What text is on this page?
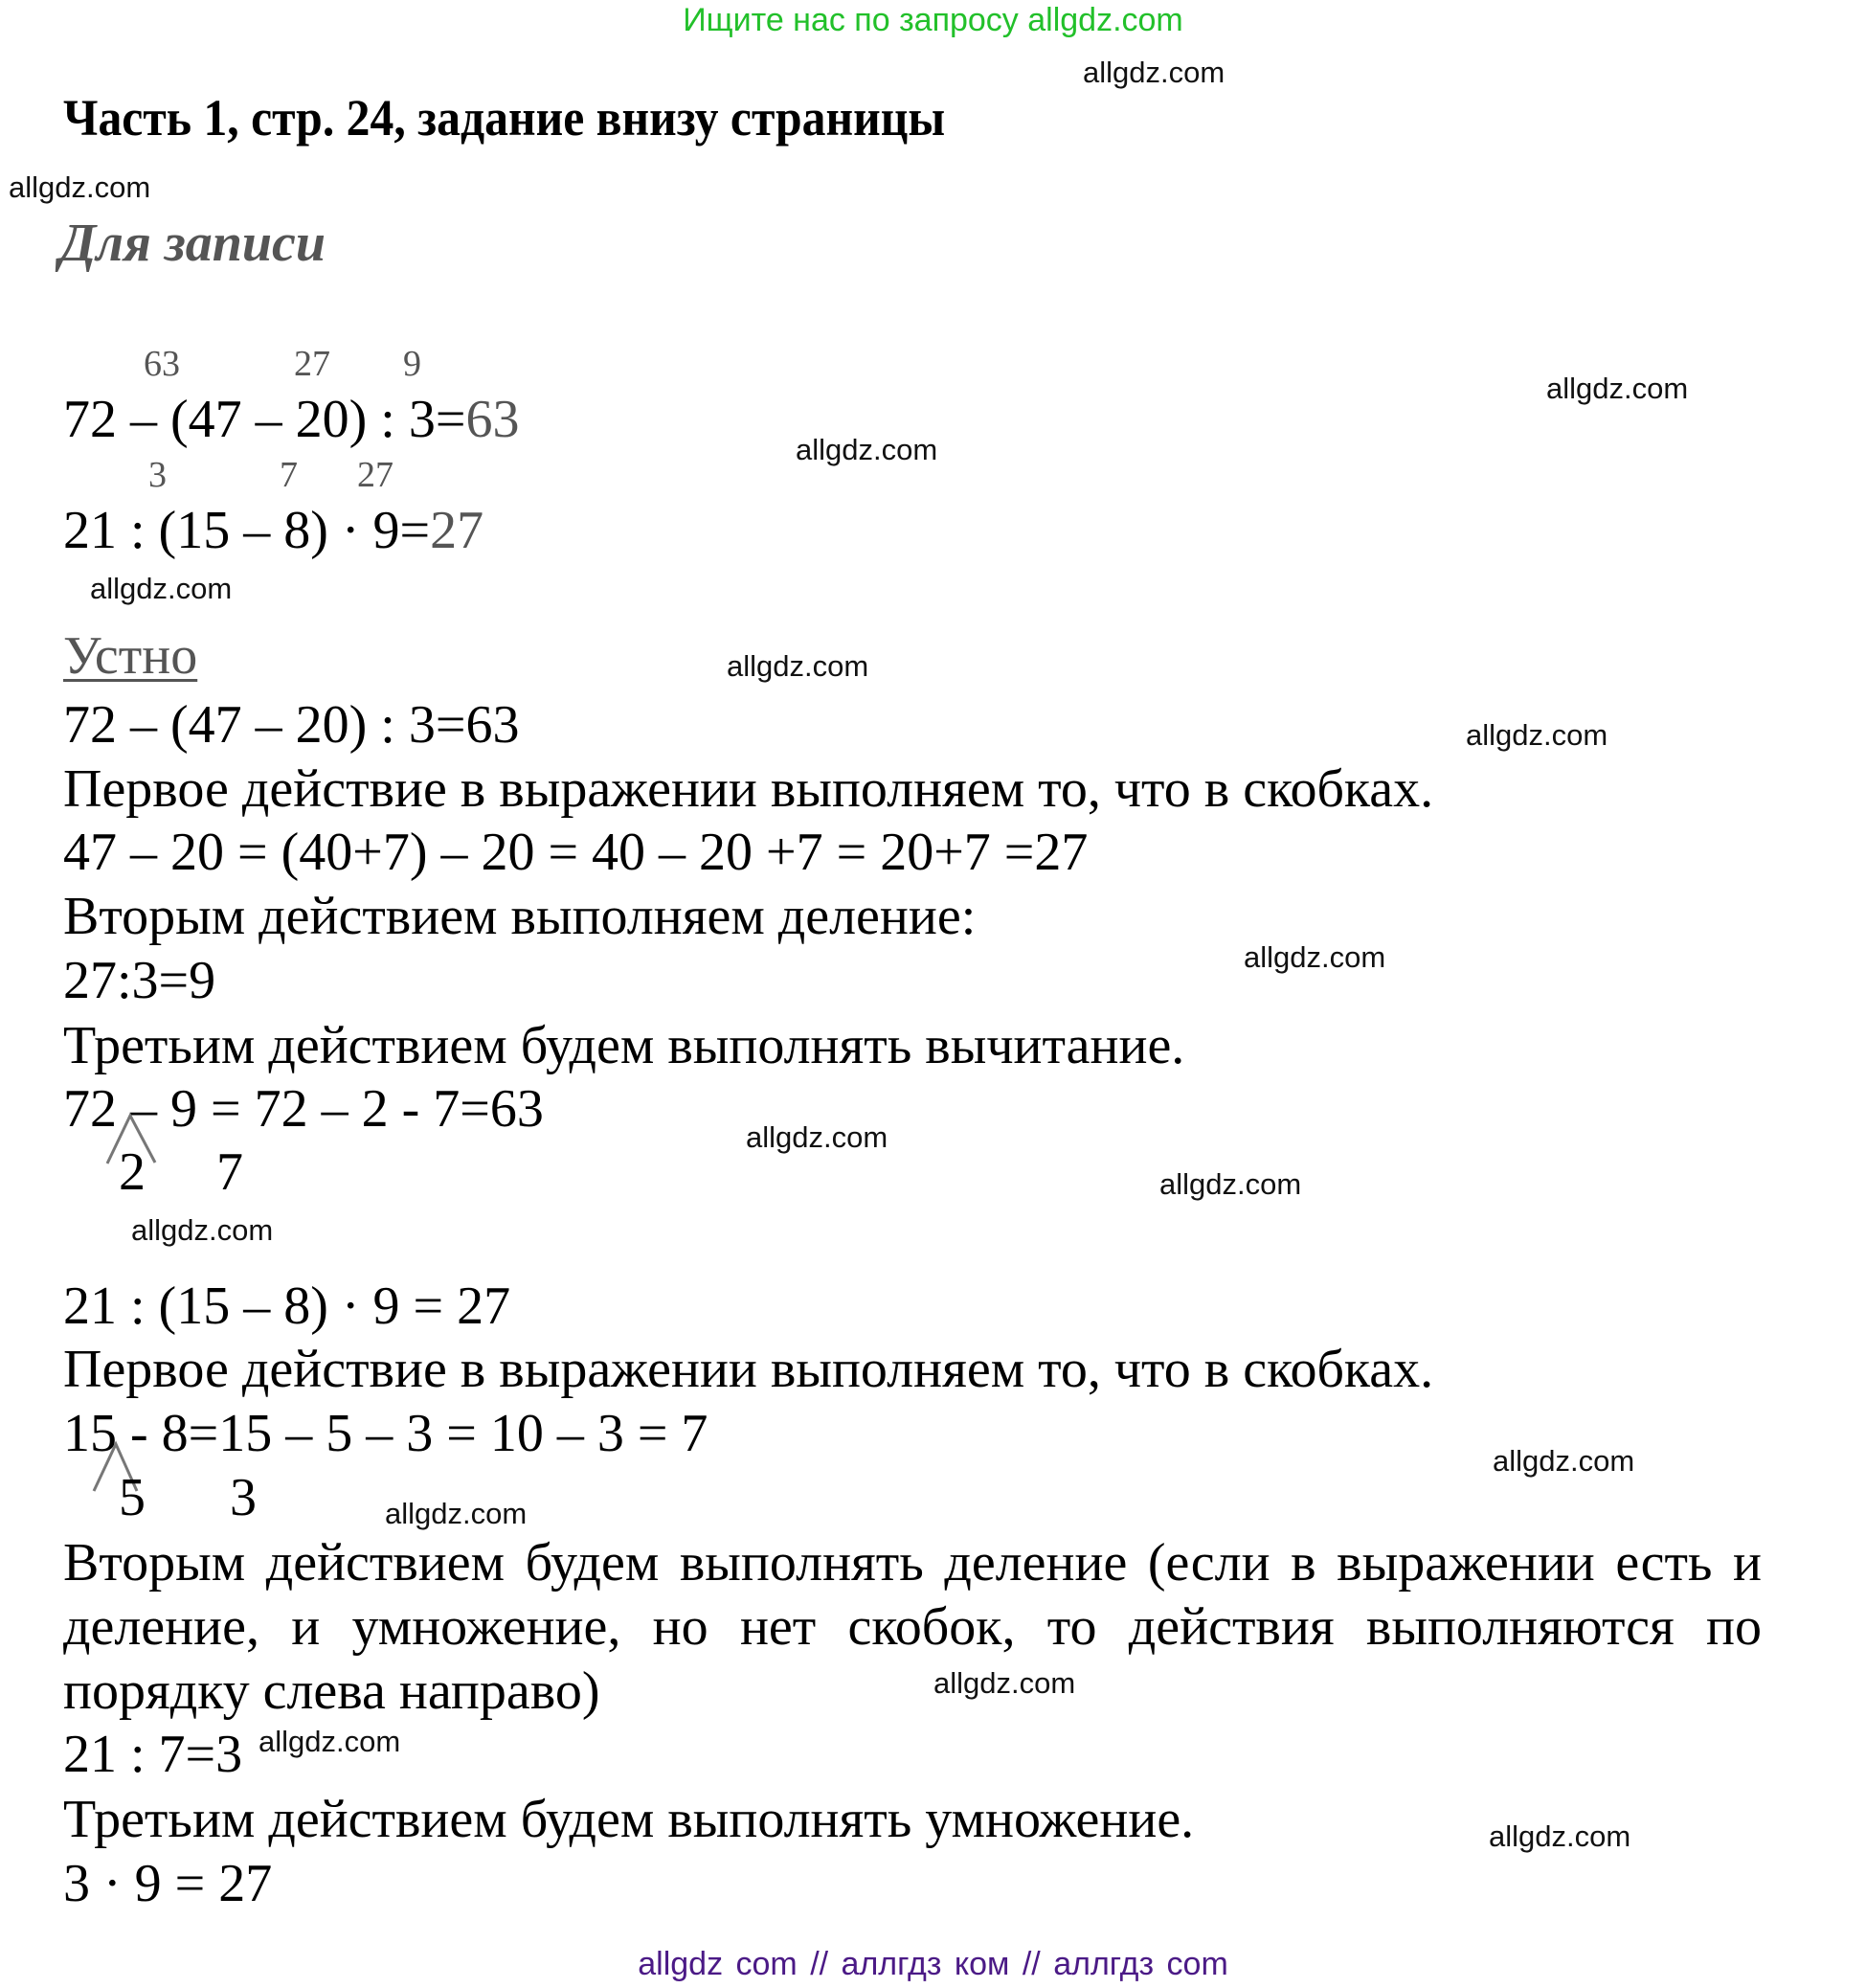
Ищите нас по запросу allgdz.com
Часть 1, стр. 24, задание внизу страницы
Для записи
63	27 9
72 – (47 – 20) : 3=63
3	7 27
21 : (15 – 8) · 9=27
Устно
72 – (47 – 20) : 3=63
Первое действие в выражении выполняем то, что в скобках.
47 – 20 = (40+7) – 20 = 40 – 20 +7 = 20+7 =27
Вторым действием выполняем деление:
27:3=9
Третьим действием будем выполнять вычитание.
72 – 9 = 72 – 2 - 7=63
2 7
21 : (15 – 8) · 9 = 27
Первое действие в выражении выполняем то, что в скобках.
15 - 8=15 – 5 – 3 = 10 – 3 = 7
5 3
Вторым действием будем выполнять деление (если в выражении есть и
деление, и умножение, но нет скобок, то действия выполняются по
порядку слева направо)
21 : 7=3
Третьим действием будем выполнять умножение.
3 · 9 = 27
allgdz.com
allgdz.com
allgdz.com
allgdz.com
allgdz.com
allgdz.com
allgdz.com
allgdz.com
allgdz.com
allgdz.com
allgdz.com
allgdz.com
allgdz.com
allgdz.com
allgdz.com
allgdz.com
allgdz com // аллгдз ком // аллгдз com
